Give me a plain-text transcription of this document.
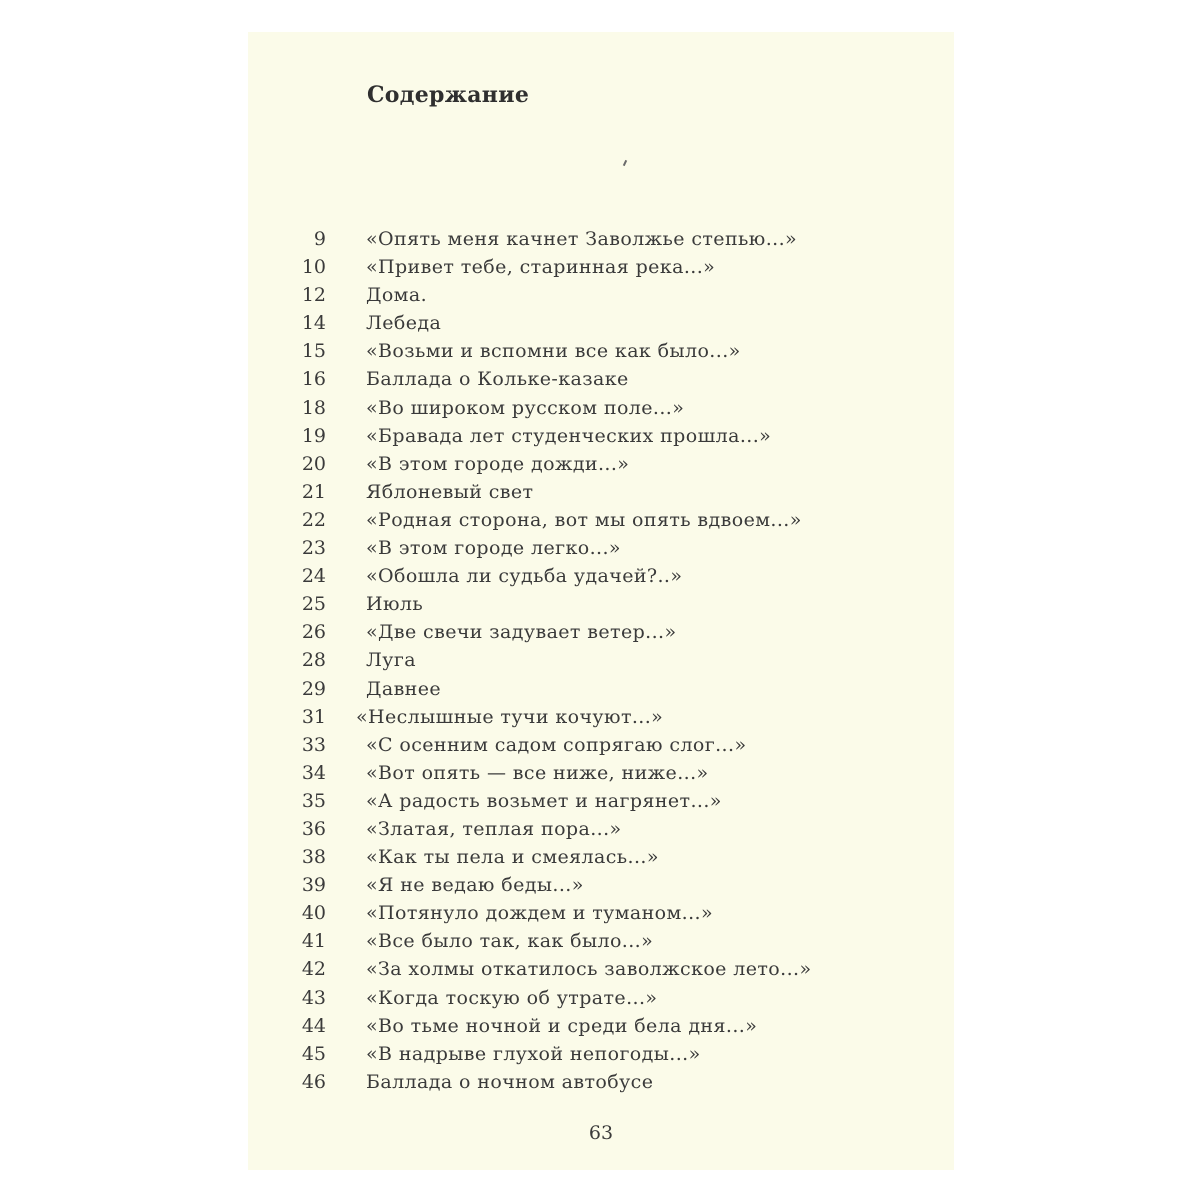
Содержание
9 «Опять меня качнет Заволжье степью...»
10 «Привет тебе, старинная река...»
12 Дома.
14 Лебеда
15 «Возьми и вспомни все как было...»
16 Баллада о Кольке-казаке
18 «Во широком русском поле...»
19 «Бравада лет студенческих прошла...»
20 «В этом городе дожди...»
21 Яблоневый свет
22 «Родная сторона, вот мы опять вдвоем...»
23 «В этом городе легко...»
24 «Обошла ли судьба удачей?..»
25 Июль
26 «Две свечи задувает ветер...»
28 Луга
29 Давнее
31 «Неслышные тучи кочуют...»
33 «С осенним садом сопрягаю слог...»
34 «Вот опять — все ниже, ниже...»
35 «А радость возьмет и нагрянет...»
36 «Златая, теплая пора...»
38 «Как ты пела и смеялась...»
39 «Я не ведаю беды...»
40 «Потянуло дождем и туманом...»
41 «Все было так, как было...»
42 «За холмы откатилось заволжское лето...»
43 «Когда тоскую об утрате...»
44 «Во тьме ночной и среди бела дня...»
45 «В надрыве глухой непогоды...»
46 Баллада о ночном автобусе
63
